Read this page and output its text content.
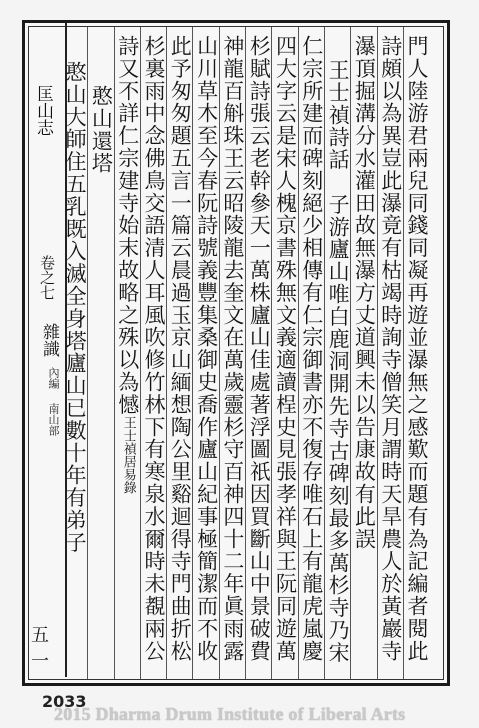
匡山志
卷之七
雜識
內編
南山部
五一	門人陸游君兩兒同錢同凝再遊並瀑無之感歎而題有為記編者閱此
詩頗以為異豈此瀑竟有枯竭時詢寺僧笑月謂時天旱農人於黃巖寺
瀑頂掘溝分水灌田故無瀑方丈道興未以告康故有此誤
王士禎詩話　子游廬山唯白鹿洞開先寺古碑刻最多萬杉寺乃宋
仁宗所建而碑刻絕少相傳有仁宗御書亦不復存唯石上有龍虎嵐慶
四大字云是宋人槐京書殊無文義適讀桯史見張孝祥與王阮同遊萬
杉賦詩張云老幹參天一萬株廬山佳處著浮圖祇因買斷山中景破費
神龍百斛珠王云昭陵龍去奎文在萬歲靈杉守百神四十二年眞雨露
山川草木至今春阮詩號義豐集桑御史喬作廬山紀事極簡潔而不收
此予匆匆題五言一篇云晨過玉京山緬想陶公里谿迴得寺門曲折松
杉裏雨中念佛鳥交語清人耳風吹修竹林下有寒泉水爾時未覩兩公
詩又不詳仁宗建寺始末故略之殊以為憾王士禎居易錄
憨山還塔
憨山大師住五乳既入滅全身塔廬山已數十年有弟子
2033
2015 Dharma Drum Institute of Liberal Arts
